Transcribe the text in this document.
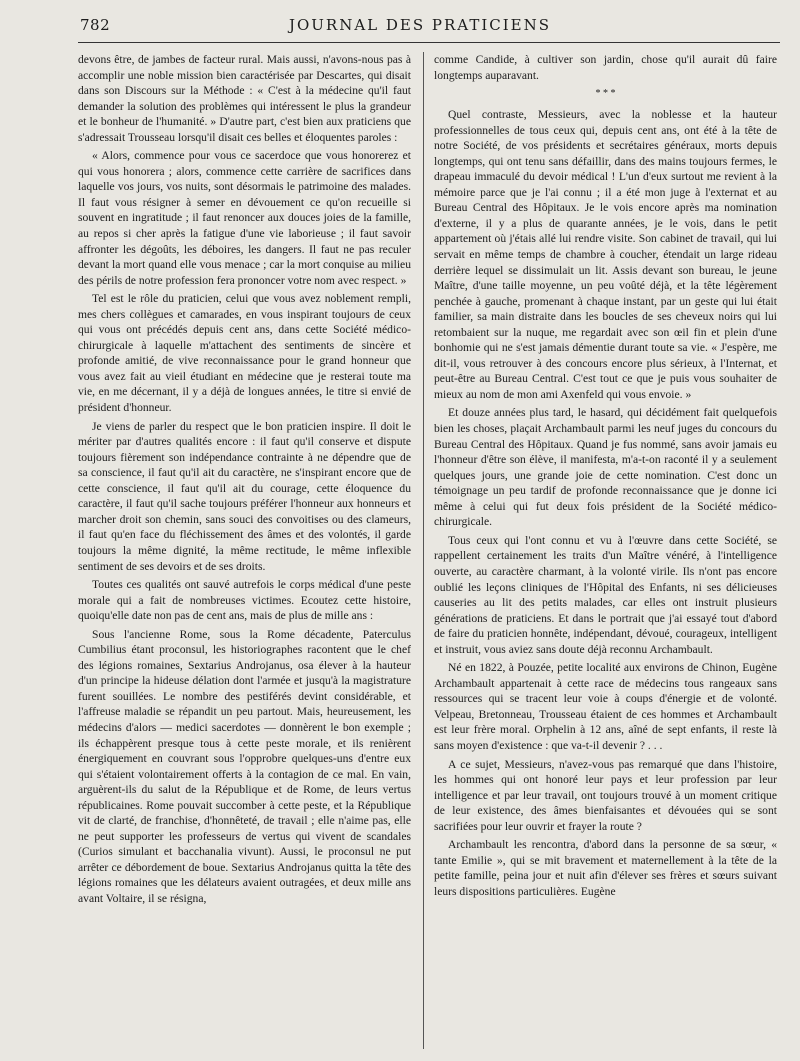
782	JOURNAL DES PRATICIENS

devons être, de jambes de facteur rural. Mais aussi, n'avons-nous pas à accomplir une noble mission bien caractérisée par Descartes, qui disait dans son Discours sur la Méthode : « C'est à la médecine qu'il faut demander la solution des problèmes qui intéressent le plus la grandeur et le bonheur de l'humanité. » D'autre part, c'est bien aux praticiens que s'adressait Trousseau lorsqu'il disait ces belles et éloquentes paroles :

« Alors, commence pour vous ce sacerdoce que vous honorerez et qui vous honorera ; alors, commence cette carrière de sacrifices dans laquelle vos jours, vos nuits, sont désormais le patrimoine des malades. Il faut vous résigner à semer en dévouement ce qu'on recueille si souvent en ingratitude ; il faut renoncer aux douces joies de la famille, au repos si cher après la fatigue d'une vie laborieuse ; il faut savoir affronter les dégoûts, les déboires, les dangers. Il faut ne pas reculer devant la mort quand elle vous menace ; car la mort conquise au milieu des périls de notre profession fera prononcer votre nom avec respect. »

Tel est le rôle du praticien, celui que vous avez noblement rempli, mes chers collègues et camarades, en vous inspirant toujours de ceux qui vous ont précédés depuis cent ans, dans cette Société médico-chirurgicale à laquelle m'attachent des sentiments de sincère et profonde amitié, de vive reconnaissance pour le grand honneur que vous avez fait au vieil étudiant en médecine que je resterai toute ma vie, en me décernant, il y a déjà de longues années, le titre si envié de président d'honneur.

Je viens de parler du respect que le bon praticien inspire. Il doit le mériter par d'autres qualités encore : il faut qu'il conserve et dispute toujours fièrement son indépendance contrainte à ne dépendre que de sa conscience, il faut qu'il ait du caractère, ne s'inspirant encore que de cette conscience, il faut qu'il ait du courage, cette éloquence du caractère, il faut qu'il sache toujours préférer l'honneur aux honneurs et marcher droit son chemin, sans souci des convoitises ou des clameurs, il faut qu'en face du fléchissement des âmes et des volontés, il garde toujours la même dignité, la même rectitude, le même inflexible sentiment de ses devoirs et de ses droits.

Toutes ces qualités ont sauvé autrefois le corps médical d'une peste morale qui a fait de nombreuses victimes. Ecoutez cette histoire, quoiqu'elle date non pas de cent ans, mais de plus de mille ans :

Sous l'ancienne Rome, sous la Rome décadente, Paterculus Cumbilius étant proconsul, les historiographes racontent que le chef des légions romaines, Sextarius Androjanus, osa élever à la hauteur d'un principe la hideuse délation dont l'armée et jusqu'à la magistrature furent souillées. Le nombre des pestiférés devint considérable, et l'affreuse maladie se répandit un peu partout. Mais, heureusement, les médecins d'alors — medici sacerdotes — donnèrent le bon exemple ; ils échappèrent presque tous à cette peste morale, et ils renièrent énergiquement en couvrant sous l'opprobre quelques-uns d'entre eux qui s'étaient volontairement offerts à la contagion de ce mal. En vain, arguèrent-ils du salut de la République et de Rome, de leurs vertus républicaines. Rome pouvait succomber à cette peste, et la République vit de clarté, de franchise, d'honnêteté, de travail ; elle n'aime pas, elle ne peut supporter les professeurs de vertus qui vivent de scandales (Curios simulant et bacchanalia vivunt). Aussi, le proconsul ne put arrêter ce débordement de boue. Sextarius Androjanus quitta la tête des légions romaines que les délateurs avaient outragées, et deux mille ans avant Voltaire, il se résigna,

comme Candide, à cultiver son jardin, chose qu'il aurait dû faire longtemps auparavant.

* * *

Quel contraste, Messieurs, avec la noblesse et la hauteur professionnelles de tous ceux qui, depuis cent ans, ont été à la tête de notre Société, de vos présidents et secrétaires généraux, morts depuis longtemps, qui ont tenu sans défaillir, dans des mains toujours fermes, le drapeau immaculé du devoir médical ! L'un d'eux surtout me revient à la mémoire parce que je l'ai connu ; il a été mon juge à l'externat et au Bureau Central des Hôpitaux. Je le vois encore après ma nomination d'externe, il y a plus de quarante années, je le vois, dans le petit appartement où j'étais allé lui rendre visite. Son cabinet de travail, qui lui servait en même temps de chambre à coucher, étendait un large rideau derrière lequel se dissimulait un lit. Assis devant son bureau, le jeune Maître, d'une taille moyenne, un peu voûté déjà, et la tête légèrement penchée à gauche, promenant à chaque instant, par un geste qui lui était familier, sa main distraite dans les boucles de ses cheveux noirs qui lui retombaient sur la nuque, me regardait avec son œil fin et plein d'une bonhomie qui ne s'est jamais démentie durant toute sa vie. « J'espère, me dit-il, vous retrouver à des concours encore plus sérieux, à l'Internat, et peut-être au Bureau Central. C'est tout ce que je puis vous souhaiter de mieux au nom de mon ami Axenfeld qui vous envoie. »

Et douze années plus tard, le hasard, qui décidément fait quelquefois bien les choses, plaçait Archambault parmi les neuf juges du concours du Bureau Central des Hôpitaux. Quand je fus nommé, sans avoir jamais eu l'honneur d'être son élève, il manifesta, m'a-t-on raconté il y a seulement quelques jours, une grande joie de cette nomination. C'est donc un témoignage un peu tardif de profonde reconnaissance que je donne ici même à celui qui fut deux fois président de la Société médico-chirurgicale.

Tous ceux qui l'ont connu et vu à l'œuvre dans cette Société, se rappellent certainement les traits d'un Maître vénéré, à l'intelligence ouverte, au caractère charmant, à la volonté virile. Ils n'ont pas encore oublié les leçons cliniques de l'Hôpital des Enfants, ni ses délicieuses causeries au lit des petits malades, car elles ont instruit plusieurs générations de praticiens. Et dans le portrait que j'ai essayé tout d'abord de faire du praticien honnête, indépendant, dévoué, courageux, intelligent et instruit, vous aviez sans doute déjà reconnu Archambault.

Né en 1822, à Pouzée, petite localité aux environs de Chinon, Eugène Archambault appartenait à cette race de médecins tous rangeaux sans ressources qui se tracent leur voie à coups d'énergie et de volonté. Velpeau, Bretonneau, Trousseau étaient de ces hommes et Archambault est leur frère moral. Orphelin à 12 ans, aîné de sept enfants, il reste là sans moyen d'existence : que va-t-il devenir ? . . .

A ce sujet, Messieurs, n'avez-vous pas remarqué que dans l'histoire, les hommes qui ont honoré leur pays et leur profession par leur intelligence et par leur travail, ont toujours trouvé à un moment critique de leur existence, des âmes bienfaisantes et dévouées qui se sont sacrifiées pour leur ouvrir et frayer la route ?

Archambault les rencontra, d'abord dans la personne de sa sœur, « tante Emilie », qui se mit bravement et maternellement à la tête de la petite famille, peina jour et nuit afin d'élever ses frères et sœurs suivant leurs dispositions particulières. Eugène
